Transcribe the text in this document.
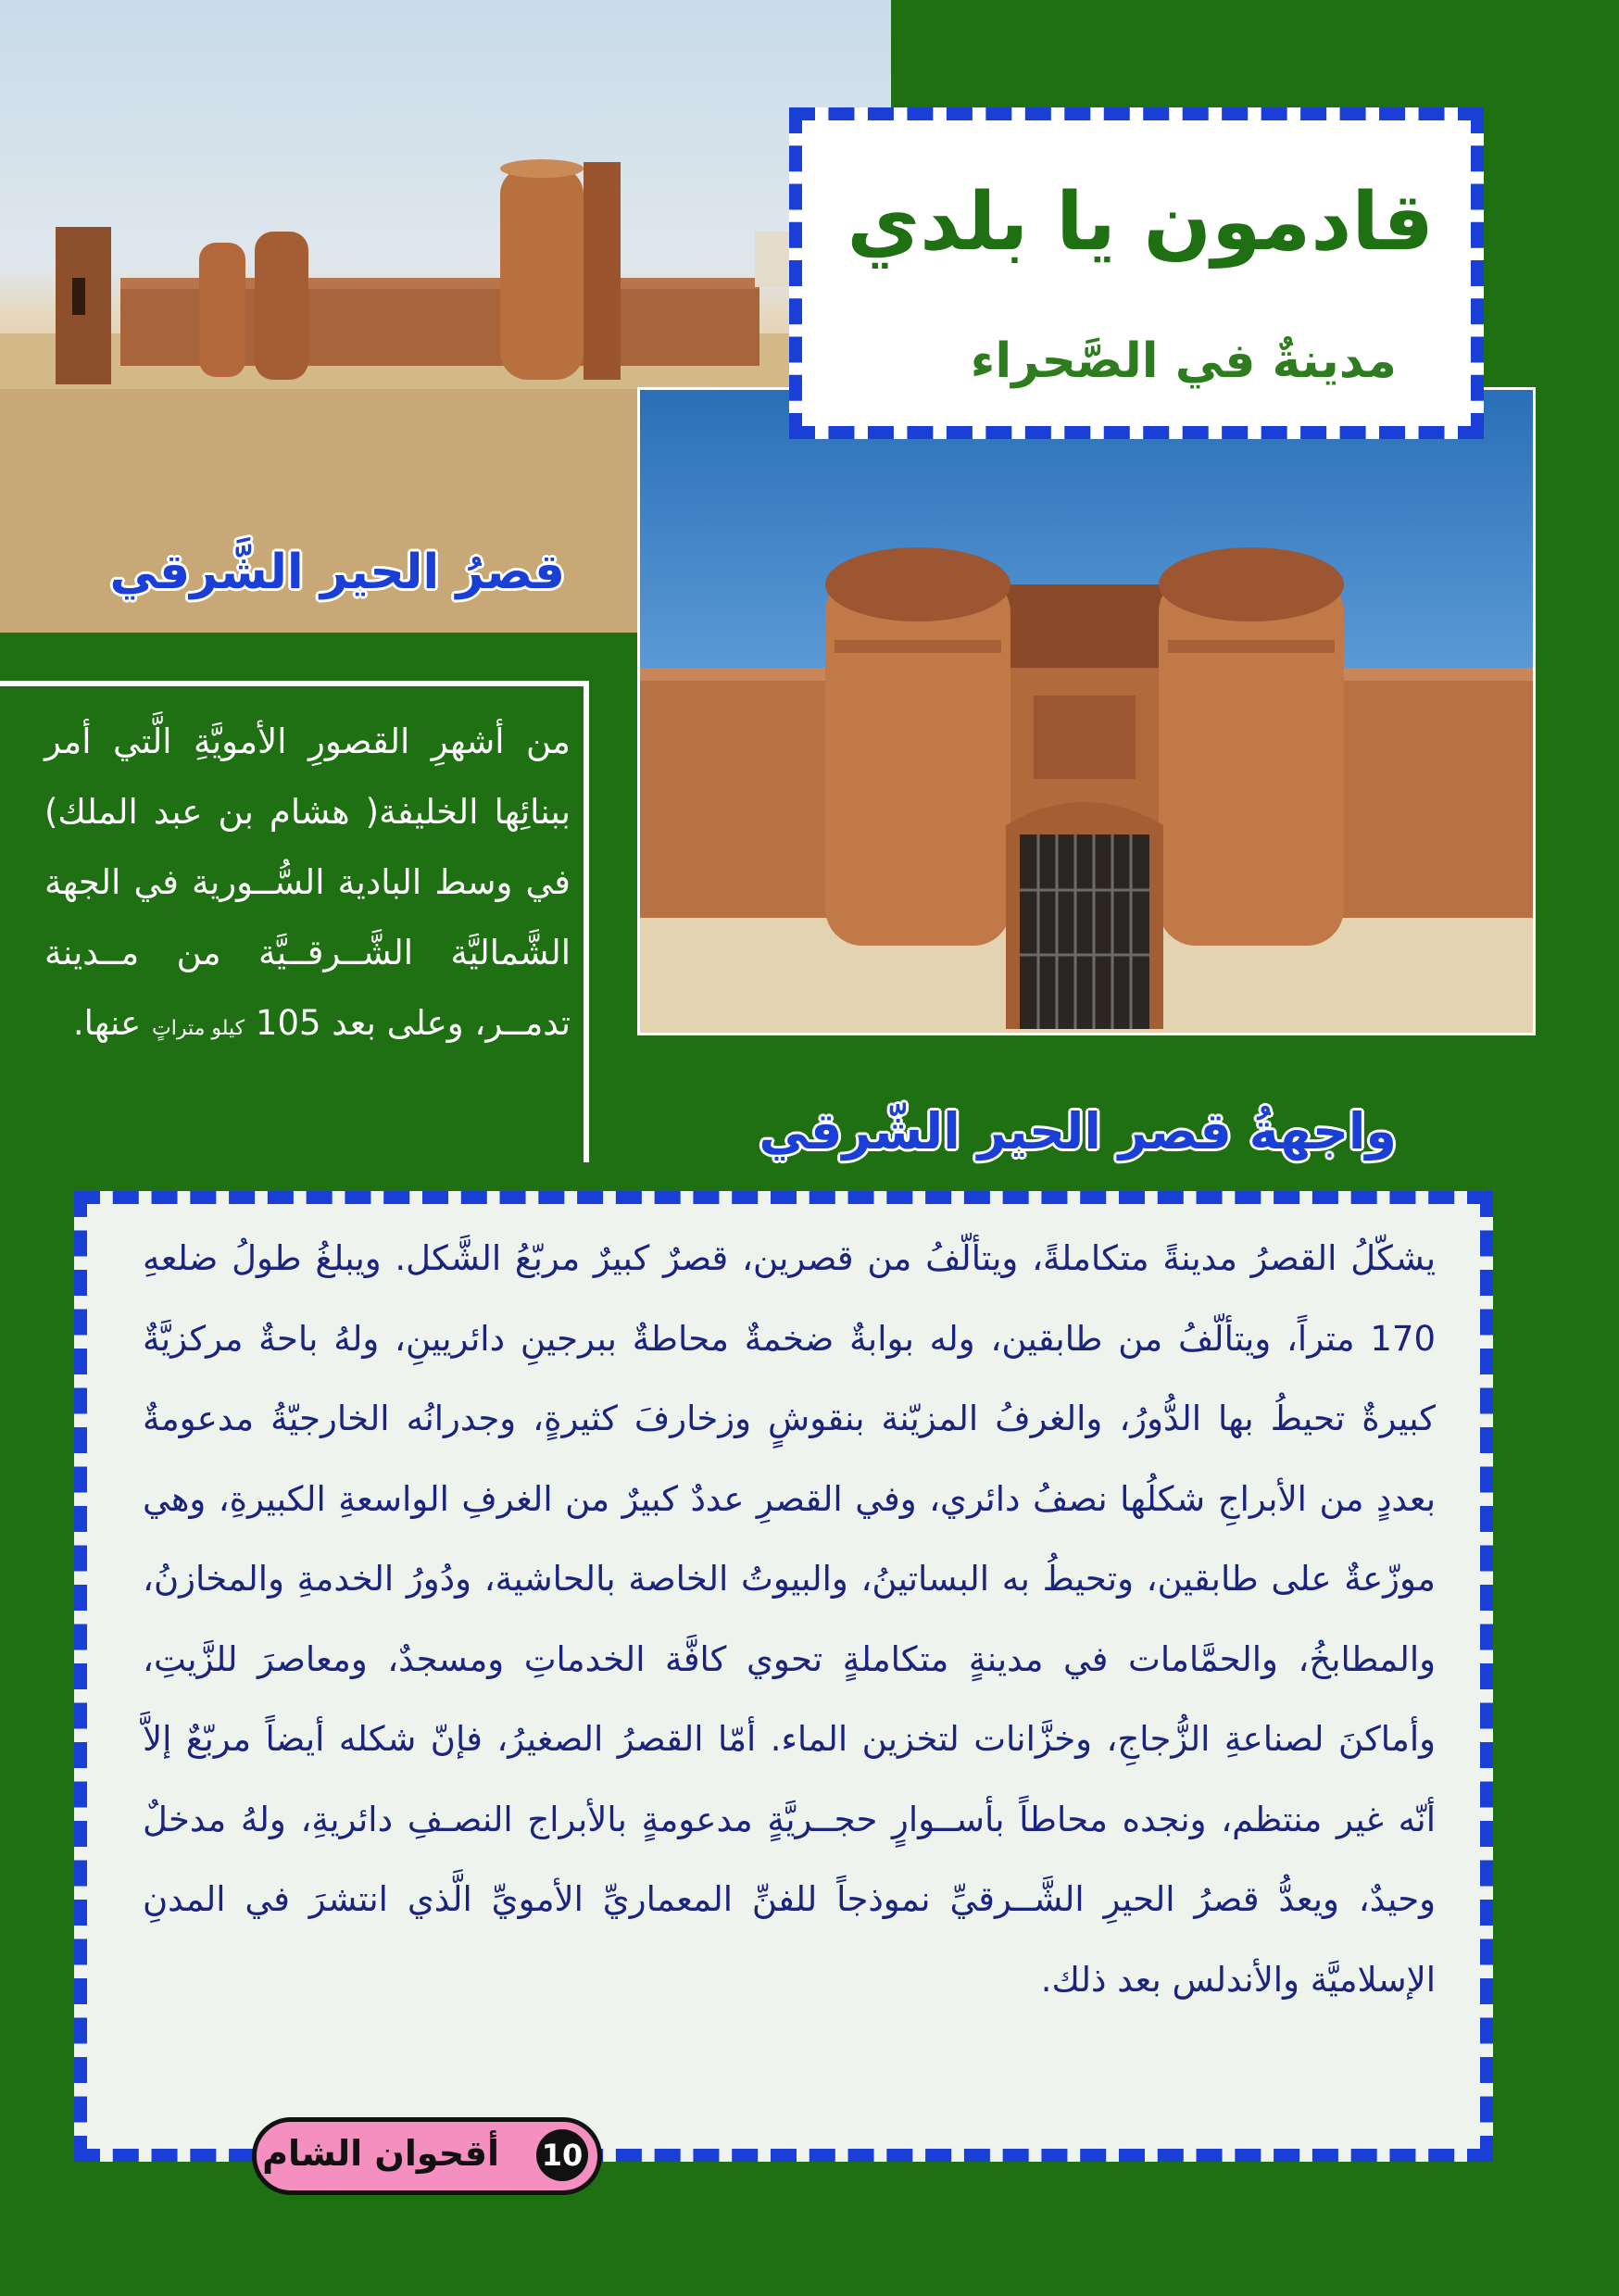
قادمون يا بلدي
مدينةٌ في الصَّحراء
قصرُ الحير الشَّرقي
واجهةُ قصر الحير الشّرقي
من أشهرِ القصورِ الأمويَّةِ الَّتي أمر ببنائِها الخليفة( هشام بن عبد الملك) في وسط البادية السُّــورية في الجهة الشَّماليَّة الشَّــرقــيَّة من مــدينة تدمــر، وعلى بعد 105 كيلو متراتٍ عنها.
يشكّلُ القصرُ مدينةً متكاملةً، ويتألّفُ من قصرين، قصرٌ كبيرٌ مربّعُ الشَّكل. ويبلغُ طولُ ضلعهِ 170 متراً، ويتألّفُ من طابقين، وله بوابةٌ ضخمةٌ محاطةٌ ببرجينِ دائريينِ، ولهُ باحةٌ مركزيَّةٌ كبيرةٌ تحيطُ بها الدُّورُ، والغرفُ المزيّنة بنقوشٍ وزخارفَ كثيرةٍ، وجدرانُه الخارجيّةُ مدعومةٌ بعددٍ من الأبراجِ شكلُها نصفُ دائري، وفي القصرِ عددٌ كبيرٌ من الغرفِ الواسعةِ الكبيرةِ، وهي موزّعةٌ على طابقين، وتحيطُ به البساتينُ، والبيوتُ الخاصة بالحاشية، ودُورُ الخدمةِ والمخازنُ، والمطابخُ، والحمَّامات في مدينةٍ متكاملةٍ تحوي كافَّة الخدماتِ ومسجدٌ، ومعاصرَ للزَّيتِ، وأماكنَ لصناعةِ الزُّجاجِ، وخزَّانات لتخزين الماء. أمّا القصرُ الصغيرُ، فإنّ شكله أيضاً مربّعٌ إلاَّ أنّه غير منتظم، ونجده محاطاً بأســوارٍ حجــريَّةٍ مدعومةٍ بالأبراج النصـفِ دائريةِ، ولهُ مدخلٌ وحيدٌ، ويعدُّ قصرُ الحيرِ الشَّــرقيِّ نموذجاً للفنِّ المعماريِّ الأمويِّ الَّذي انتشرَ في المدنِ الإسلاميَّة والأندلس بعد ذلك.
أقحوان الشام 10
